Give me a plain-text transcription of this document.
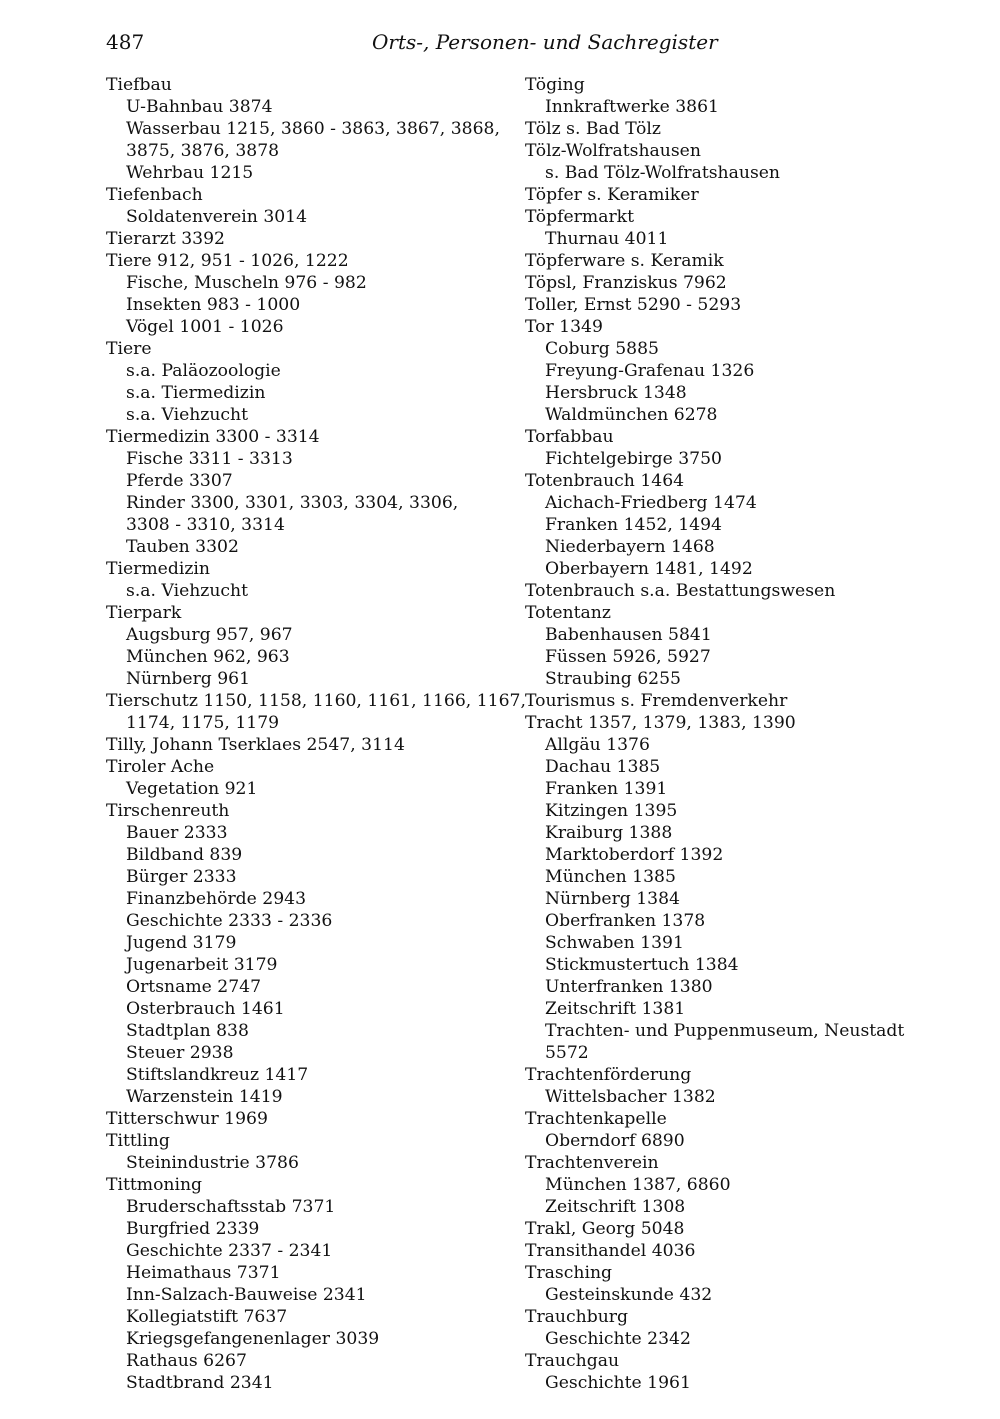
487	Orts-, Personen- und Sachregister
Tiefbau
U-Bahnbau 3874
Wasserbau 1215, 3860 - 3863, 3867, 3868,
3875, 3876, 3878
Wehrbau 1215
Tiefenbach
Soldatenverein 3014
Tierarzt 3392
Tiere 912, 951 - 1026, 1222
Fische, Muscheln 976 - 982
Insekten 983 - 1000
Vögel 1001 - 1026
Tiere
s.a. Paläozoologie
s.a. Tiermedizin
s.a. Viehzucht
Tiermedizin 3300 - 3314
Fische 3311 - 3313
Pferde 3307
Rinder 3300, 3301, 3303, 3304, 3306,
3308 - 3310, 3314
Tauben 3302
Tiermedizin
s.a. Viehzucht
Tierpark
Augsburg 957, 967
München 962, 963
Nürnberg 961
Tierschutz 1150, 1158, 1160, 1161, 1166, 1167,
1174, 1175, 1179
Tilly, Johann Tserklaes 2547, 3114
Tiroler Ache
Vegetation 921
Tirschenreuth
Bauer 2333
Bildband 839
Bürger 2333
Finanzbehörde 2943
Geschichte 2333 - 2336
Jugend 3179
Jugenarbeit 3179
Ortsname 2747
Osterbrauch 1461
Stadtplan 838
Steuer 2938
Stiftslandkreuz 1417
Warzenstein 1419
Titterschwur 1969
Tittling
Steinindustrie 3786
Tittmoning
Bruderschaftsstab 7371
Burgfried 2339
Geschichte 2337 - 2341
Heimathaus 7371
Inn-Salzach-Bauweise 2341
Kollegiatstift 7637
Kriegsgefangenenlager 3039
Rathaus 6267
Stadtbrand 2341
Töging
Innkraftwerke 3861
Tölz s. Bad Tölz
Tölz-Wolfratshausen
s. Bad Tölz-Wolfratshausen
Töpfer s. Keramiker
Töpfermarkt
Thurnau 4011
Töpferware s. Keramik
Töpsl, Franziskus 7962
Toller, Ernst 5290 - 5293
Tor 1349
Coburg 5885
Freyung-Grafenau 1326
Hersbruck 1348
Waldmünchen 6278
Torfabbau
Fichtelgebirge 3750
Totenbrauch 1464
Aichach-Friedberg 1474
Franken 1452, 1494
Niederbayern 1468
Oberbayern 1481, 1492
Totenbrauch s.a. Bestattungswesen
Totentanz
Babenhausen 5841
Füssen 5926, 5927
Straubing 6255
Tourismus s. Fremdenverkehr
Tracht 1357, 1379, 1383, 1390
Allgäu 1376
Dachau 1385
Franken 1391
Kitzingen 1395
Kraiburg 1388
Marktoberdorf 1392
München 1385
Nürnberg 1384
Oberfranken 1378
Schwaben 1391
Stickmustertuch 1384
Unterfranken 1380
Zeitschrift 1381
Trachten- und Puppenmuseum, Neustadt
5572
Trachtenförderung
Wittelsbacher 1382
Trachtenkapelle
Oberndorf 6890
Trachtenverein
München 1387, 6860
Zeitschrift 1308
Trakl, Georg 5048
Transithandel 4036
Trasching
Gesteinskunde 432
Trauchburg
Geschichte 2342
Trauchgau
Geschichte 1961
